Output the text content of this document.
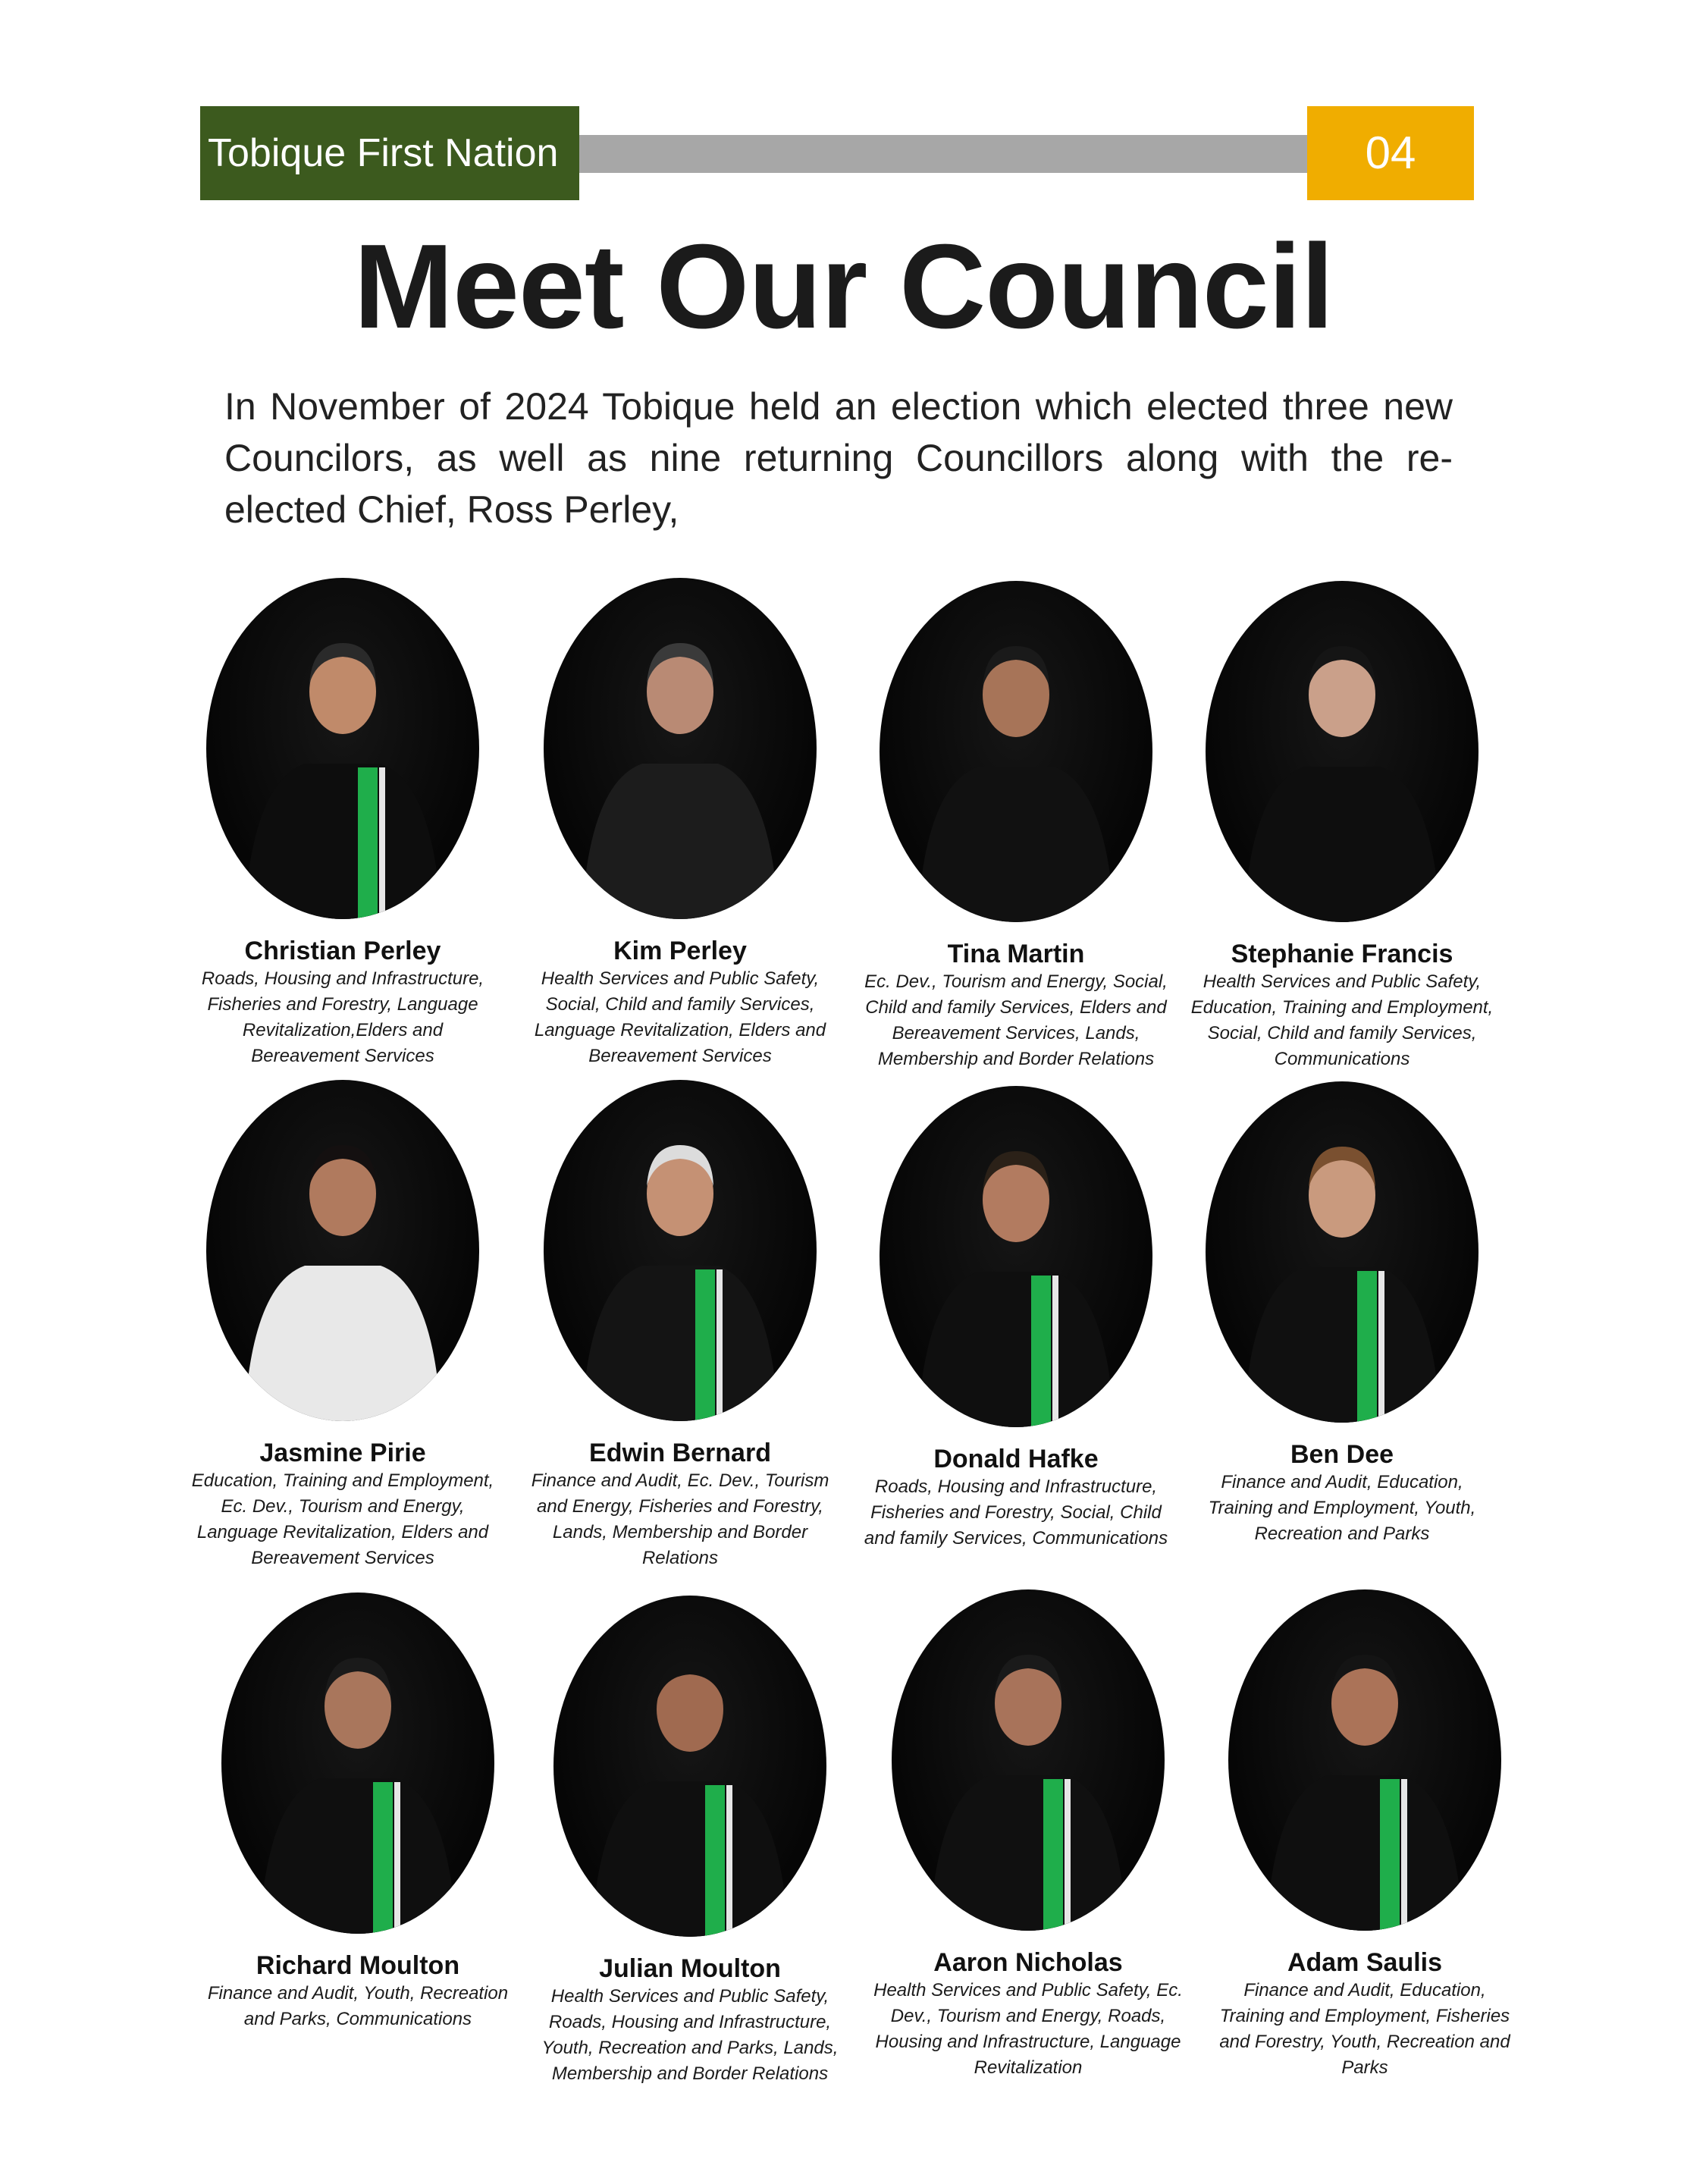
Tobique First Nation	04
Meet Our Council
In November of 2024 Tobique held an election which elected three new Councilors, as well as nine returning Councillors along with the re-elected Chief, Ross Perley,
Christian Perley
Roads, Housing and Infrastructure, Fisheries and Forestry, Language Revitalization,Elders and Bereavement Services
Kim Perley
Health Services and Public Safety, Social, Child and family Services, Language Revitalization, Elders and Bereavement Services
Tina Martin
Ec. Dev., Tourism and Energy, Social, Child and family Services, Elders and Bereavement Services, Lands, Membership and Border Relations
Stephanie Francis
Health Services and Public Safety, Education, Training and Employment, Social, Child and family Services, Communications
Jasmine Pirie
Education, Training and Employment, Ec. Dev., Tourism and Energy, Language Revitalization, Elders and Bereavement Services
Edwin Bernard
Finance and Audit, Ec. Dev., Tourism and Energy, Fisheries and Forestry, Lands, Membership and Border Relations
Donald Hafke
Roads, Housing and Infrastructure, Fisheries and Forestry, Social, Child and family Services, Communications
Ben Dee
Finance and Audit, Education, Training and Employment, Youth, Recreation and Parks
Richard Moulton
Finance and Audit, Youth, Recreation and Parks, Communications
Julian Moulton
Health Services and Public Safety, Roads, Housing and Infrastructure, Youth, Recreation and Parks, Lands, Membership and Border Relations
Aaron Nicholas
Health Services and Public Safety, Ec. Dev., Tourism and Energy, Roads, Housing and Infrastructure, Language Revitalization
Adam Saulis
Finance and Audit, Education, Training and Employment, Fisheries and Forestry, Youth, Recreation and Parks
